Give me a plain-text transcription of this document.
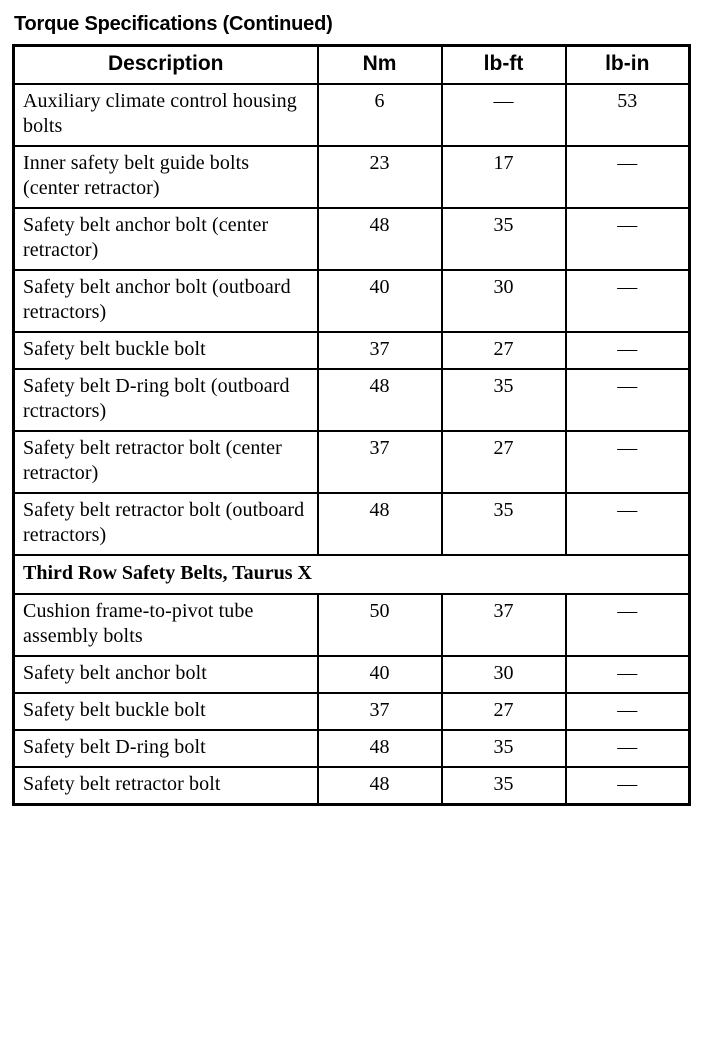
Torque Specifications (Continued)
Description	Nm	lb-ft	lb-in
Auxiliary climate control housing bolts	6	—	53
Inner safety belt guide bolts (center retractor)	23	17	—
Safety belt anchor bolt (center retractor)	48	35	—
Safety belt anchor bolt (outboard retractors)	40	30	—
Safety belt buckle bolt	37	27	—
Safety belt D-ring bolt (outboard rctractors)	48	35	—
Safety belt retractor bolt (center retractor)	37	27	—
Safety belt retractor bolt (outboard retractors)	48	35	—
Third Row Safety Belts, Taurus X			
Cushion frame-to-pivot tube assembly bolts	50	37	—
Safety belt anchor bolt	40	30	—
Safety belt buckle bolt	37	27	—
Safety belt D-ring bolt	48	35	—
Safety belt retractor bolt	48	35	—
